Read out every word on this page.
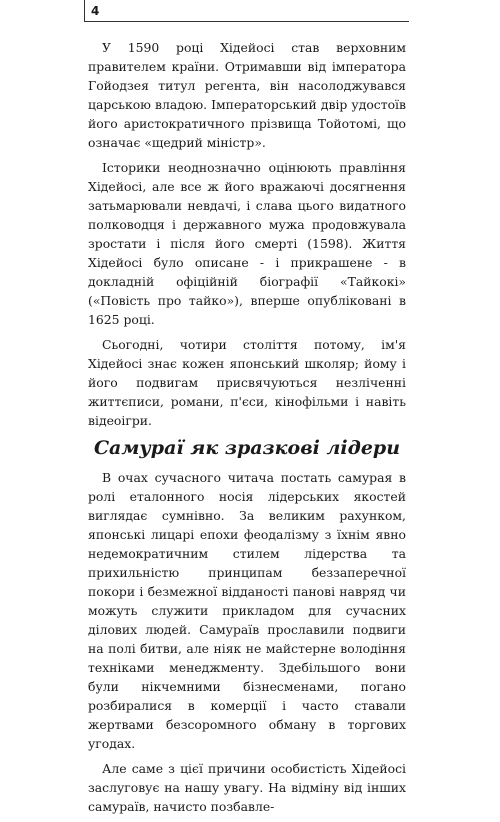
4

У 1590 році Хідейосі став верховним правителем країни. Отримавши від імператора Гойодзея титул регента, він насолоджувався царською владою. Імператорський двір удостоїв його аристократичного прізвища Тойотомі, що означає «щедрий міністр».

Історики неоднозначно оцінюють правління Хідейосі, але все ж його вражаючі досягнення затьмарювали невдачі, і слава цього видатного полководця і державного мужа продовжувала зростати і після його смерті (1598). Життя Хідейосі було описане - і прикрашене - в докладній офіційній біографії «Тайкокі» («Повість про тайко»), вперше опубліковані в 1625 році.

Сьогодні, чотири століття потому, ім'я Хідейосі знає кожен японський школяр; йому і його подвигам присвячуються незліченні життєписи, романи, п'єси, кінофільми і навіть відеоігри.

Самураї як зразкові лідери

В очах сучасного читача постать самурая в ролі еталонного носія лідерських якостей виглядає сумнівно. За великим рахунком, японські лицарі епохи феодалізму з їхнім явно недемократичним стилем лідерства та прихильністю принципам беззаперечної покори і безмежної відданості панові навряд чи можуть служити прикладом для сучасних ділових людей. Самураїв прославили подвиги на полі битви, але ніяк не майстерне володіння техніками менеджменту. Здебільшого вони були нікчемними бізнесменами, погано розбиралися в комерції і часто ставали жертвами безсоромного обману в торгових угодах.

Але саме з цієї причини особистість Хідейосі заслуговує на нашу увагу. На відміну від інших самураїв, начисто позбавле-
